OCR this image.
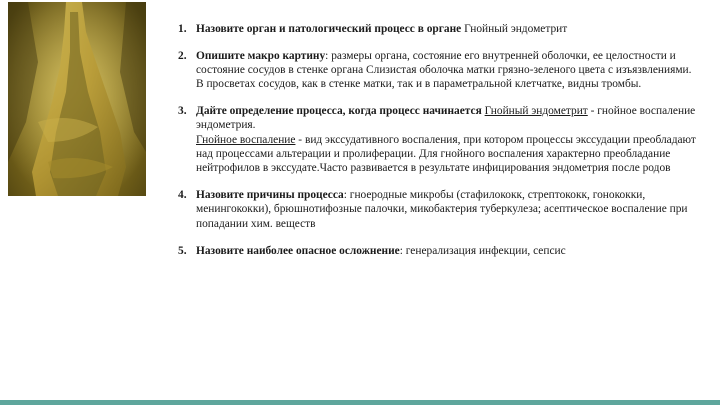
1. Назовите орган и патологический процесс в органе Гнойный эндометрит
2. Опишите макро картину: размеры органа, состояние его внутренней оболочки, ее целостности и состояние сосудов в стенке органа Слизистая оболочка матки грязно-зеленого цвета с изъязвлениями. В просветах сосудов, как в стенке матки, так и в параметральной клетчатке, видны тромбы.
3. Дайте определение процесса, когда процесс начинается Гнойный эндометрит - гнойное воспаление эндометрия.
Гнойное воспаление - вид экссудативного воспаления, при котором процессы экссудации преобладают над процессами альтерации и пролиферации. Для гнойного воспаления характерно преобладание нейтрофилов в экссудате.Часто развивается в результате инфицирования эндометрия после родов
4. Назовите причины процесса: гноеродные микробы (стафилококк, стрептококк, гонококки, менингококки), брюшнотифозные палочки, микобактерия туберкулеза; асептическое воспаление при попадании хим. веществ
5. Назовите наиболее опасное осложнение: генерализация инфекции, сепсис
